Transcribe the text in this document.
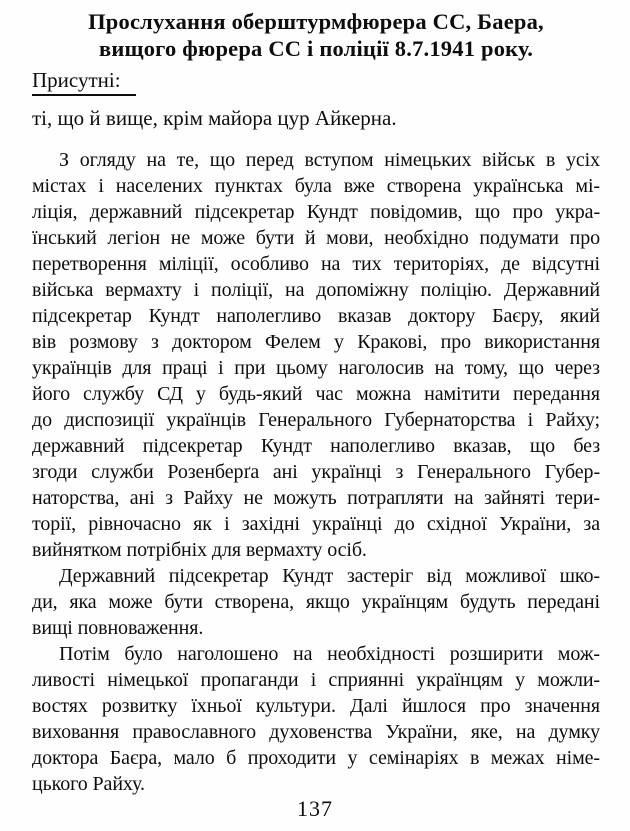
Прослухання оберштурмфюрера СС, Баера,
вищого фюрера СС і поліції 8.7.1941 року.
Присутні:
ті, що й вище, крім майора цур Айкерна.
З огляду на те, що перед вступом німецьких військ в усіх
містах і населених пунктах була вже створена українська мі-
ліція, державний підсекретар Кундт повідомив, що про укра-
їнський легіон не може бути й мови, необхідно подумати про
перетворення міліції, особливо на тих територіях, де відсутні
війська вермахту і поліції, на допоміжну поліцію. Державний
підсекретар Кундт наполегливо вказав доктору Баєру, який
вів розмову з доктором Фелем у Кракові, про використання
українців для праці і при цьому наголосив на тому, що через
його службу СД у будь-який час можна намітити передання
до диспозиції українців Генерального Губернаторства і Райху;
державний підсекретар Кундт наполегливо вказав, що без
згоди служби Розенберґа ані українці з Генерального Губер-
наторства, ані з Райху не можуть потрапляти на зайняті тери-
торії, рівночасно як і західні українці до східної України, за
вийнятком потрібніх для вермахту осіб.
Державний підсекретар Кундт застеріг від можливої шко-
ди, яка може бути створена, якщо українцям будуть передані
вищі повноваження.
Потім було наголошено на необхідності розширити мож-
ливості німецької пропаганди і сприянні українцям у можли-
востях розвитку їхньої культури. Далі йшлося про значення
виховання православного духовенства України, яке, на думку
доктора Баєра, мало б проходити у семінаріях в межах німе-
цького Райху.
137
